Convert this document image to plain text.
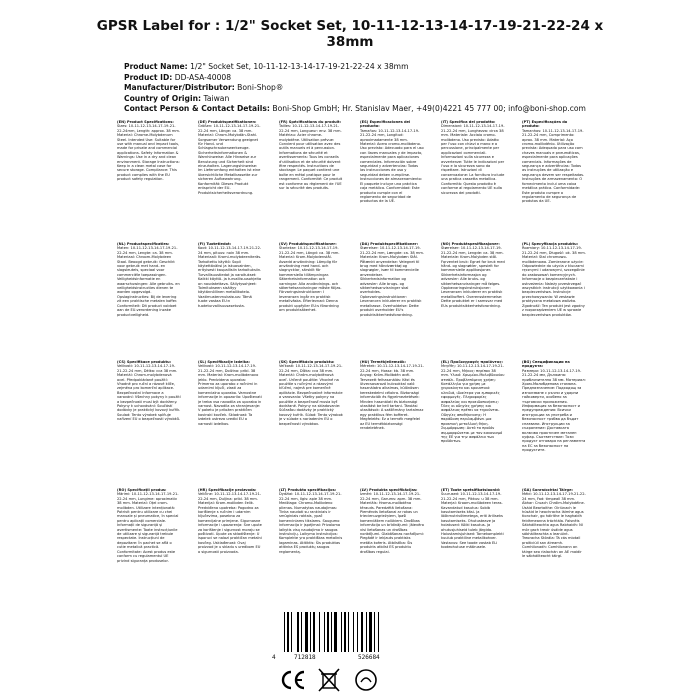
GPSR Label for : 1/2" Socket Set, 10-11-12-13-14-17-19-21-22-24 x
38mm
Product Name: 1/2" Socket Set, 10-11-12-13-14-17-19-21-22-24 x 38mm
Product ID: DD-ASA-40008
Manufacturer/Distributor: Boni-Shop®
Country of Origin: Taiwan
Contact Person & Contact Details: Boni-Shop GmbH; Hr. Stanislav Maer, +49(0)4221 45 777 00; info@boni-shop.com
(EN) Product Specifications:
Sizes: 10-11-12-13-14-17-19-21-22-24mm, Length: approx. 38 mm. Material: Chrome-Molybdenum Steel. Intended Use: Suitable for use with manual and impact tools, made for private and commercial applications. Safety Information & Warnings: Use in a dry and clean environment. Storage Instructions: Keep in a clean metal case for secure storage. Compliance: This product complies with the EU product safety regulation.
(DE) Produktspezifikationen:
Größen: 10-11-12-13-14-17-19-21-22-24 mm, Länge: ca. 38 mm. Material: Chrom-Molybdän-Stahl. Sorgsamer Verwendung geeignet für Hand- und Schlagschraubenwerkzeuge. Sicherheitsinformationen & Warnhinweise: Alle Hinweise zur Benutzung und Sicherheit sind einzuhalten. Lagerungshinweise: Im Lieferumfang enthalten ist eine übersichtliche Metallkassette zur sicheren Aufbewahrung. Konformität: Dieses Produkt entspricht der EU-Produktsicherheitsverordnung.
(FR) Spécifications du produit:
Tailles: 10-11-12-13-14-17-19-21-22-24 mm, Longueur: env. 38 mm. Matériau: Acier chrome-molybdène. Utilisation prévue: Convient pour utilisation avec des outils manuels et à percussion. Informations de sécurité et avertissements: Tous les conseils d'utilisation et de sécurité doivent être respectés. Instructions de stockage: Le paquet contient une boîte en métal pratique pour le rangement. Conformité: Ce produit est conforme au règlement de l'UE sur la sécurité des produits.
(ES) Especificaciones del producto:
Tamaños: 10-11-12-13-14-17-19-21-22-24 mm, Longitud: aproximadamente 38 mm. Material: Acero cromo-molibdeno. Uso previsto: Adecuado para el uso con llaves manuales y de impacto, especialmente para aplicaciones comerciales. Información sobre seguridad y advertencias: Todas las instrucciones de uso y seguridad deben cumplirse. Instrucciones de almacenamiento: El paquete incluye una práctica caja metálica. Conformidad: Este producto cumple con el reglamento de seguridad de productos de la UE.
(IT) Specifica del prodotto:
Dimensioni: 10-11-12-13-14-17-19-21-22-24 mm, Lunghezza: circa 38 mm. Materiale: Acciaio cromo-molibdeno. Uso previsto: Adatto per l'uso con chiavi a mano e a percussione, principalmente per applicazioni commerciali. Informazioni sulla sicurezza e avvertenze: Tutte le indicazioni per l'uso e la sicurezza sono da rispettare. Istruzioni di conservazione: La fornitura include una pratica cassetta metallica. Conformità: Questo prodotto è conforme al regolamento UE sulla sicurezza dei prodotti.
(PT) Especificações do produto:
Tamanhos: 10-11-12-13-14-17-19-21-22-24 mm, Comprimento: aprox. 38 mm. Material: Aço cromo-molibdénio. Utilização prevista: Adequado para uso com chaves manuais e pneumáticas, especialmente para aplicações comerciais. Informações de segurança e advertências: Todas as instruções de utilização e segurança devem ser respeitadas. Instruções de armazenamento: O fornecimento inclui uma caixa metálica prática. Conformidade: Este produto cumpre o regulamento de segurança de produtos da UE.
(NL) Productspecificaties:
Maten: 10-11-12-13-14-17-19-21-22-24 mm, Lengte: ca. 38 mm. Materiaal: Chroom-Molybdeen Staal. Beoogd gebruik: Geschikt voor gebruik met hand- en slagsleutels, speciaal voor commerciële toepassingen. Veiligheidsinformatie en waarschuwingen: Alle gebruiks- en veiligheidsinstructies dienen te worden opgevolgd. Opslaginstructies: Bij de levering zit een praktische metalen koffer. Conformiteit: Dit product voldoet aan de EU-verordening inzake productveiligheid.
(FI) Tuotetiedot:
Koot: 10-11-12-13-14-17-19-21-22-24 mm, pituus: noin 38 mm. Materiaali: Kromi-molybdeeniteräs. Tarkoitettu käyttö: Sopii käytettäväksi ja iskuavainten, erityisesti kaupallisiin tarkoituksiin. Turvallisuustiedot ja varoitukset: Kaikki käyttö- ja turvallisuusohjeita on noudatettava. Säilytysohjeet: Toimitukseen sisältyy käytännöllinen metallikotelo. Vaatimustenmukaisuus: Tämä tuote vastaa EU:n tuoteturvallisuusasetusta.
(SV) Produktspecifikationer:
Storlekar: 10-11-12-13-14-17-19-21-22-24 mm, Längd: ca. 38 mm. Material: Krom-Molybdenstål. Avsedd användning: Lämplig för användning med hand- och slagnycklar, särskilt för kommersiella tillämpningar. Säkerhetsinformation och varningar: Alla användnings- och säkerhetsanvisningar måste följas. Förvaringsinstruktioner: I leveransen ingår en praktisk metallväska. Efterlevnad: Denna produkt uppfyller EU:s förordning om produktsäkerhet.
(DA) Produktspecifikationer:
Størrelser: 10-11-12-13-14-17-19-21-22-24 mm, Længde: ca. 38 mm. Materiale: Krom-Molybdæn Stål. Påtænkt anvendelse: Velegnet til brug med håndværktøj og slagnøgler, især til kommercielle anvendelser. Sikkerhedsinformation og advarsler: Alle brugs- og sikkerhedsanvisninger skal overholdes. Opbevaringsinstruktioner: Leverancen inkluderer en praktisk metalkasse. Overholdelse: Dette produkt overholder EU's produktsikkerhedsforordning.
(NO) Produktspesifikasjoner:
Størrelser: 10-11-12-13-14-17-19-21-22-24 mm, Lengde: ca. 38 mm. Materiale: Krom-Molybden stål. Forventet bruk: Egnet for bruk med hånd- og slagnøkler, spesielt for kommersielle applikasjoner. Sikkerhetsinformasjon og advarsler: Alle bruks- og sikkerhetsanvisninger må følges. Oppbevaringsinstruksjoner: Leveransen inkluderer en praktisk metallkoffert. Overensstemmelse: Dette produktet er i samsvar med EUs produktsikkerhetsforordning.
(PL) Specyfikacja produktu:
Rozmiary: 10-11-12-13-14-17-19-21-22-24 mm, Długość: ok. 38 mm. Materiał: Stal chromowo-molibdenowa. Zamierzone użycie: Odpowiednie do użycia z kluczami ręcznymi i udarowymi, szczególnie do zastosowań komercyjnych. Informacje o bezpieczeństwie i ostrzeżenia: Należy przestrzegać wszystkich instrukcji użytkowania i bezpieczeństwa. Instrukcje przechowywania: W zestawie praktyczna metalowa walizka. Zgodność: Ten produkt jest zgodny z rozporządzeniem UE w sprawie bezpieczeństwa produktów.
(CS) Specifikace produktu:
Velikosti: 10-11-12-13-14-17-19-21-22-24 mm, Délka: cca 38 mm. Materiál: Chrom-molybdenová ocel. Předpokládané použití: Vhodné pro ruční a rázové klíče, zejména pro komerční aplikace. Bezpečnostní informace a varování: Všechny pokyny k použití a bezpečnosti musí být dodrženy. Pokyny k uchovávání: Součástí dodávky je praktický kovový kufřík. Soulad: Tento výrobek splňuje nařízení EU o bezpečnosti výrobků.
(SL) Specifikacije izdelka:
Velikosti: 10-11-12-13-14-17-19-21-22-24 mm, Dolžina: pribl. 38 mm. Material: Krom-molibdenovo jeklo. Predvidena uporaba: Primerno za uporabo z ročnimi in udarnimi ključi, zlasti za komercialno uporabo. Varnostne informacije in opozorila: Upoštevati je treba vsa navodila za uporabo in varnost. Navodila za shranjevanje: V paketu je priložen praktičen kovinski kovček. Skladnost: Ta izdelek ustreza uredbi EU o varnosti izdelkov.
(SK) Špecifikácia produktu:
Veľkosti: 10-11-12-13-14-17-19-21-22-24 mm, Dĺžka: cca 38 mm. Materiál: Chróm-molybdénová oceľ. Určené použitie: Vhodné na použitie s ručnými a rázovými kľúčmi, najmä pre komerčné aplikácie. Bezpečnostné informácie a varovania: Všetky pokyny na použitie a bezpečnosť musia byť dodržané. Pokyny na skladovanie: Súčasťou dodávky je praktický kovový kufrík. Súlad: Tento výrobok je v súlade s nariadením EÚ o bezpečnosti výrobkov.
(HU) Termékjellemzők:
Méretek: 10-11-12-13-14-17-19-21-22-24 mm, Hossz: kb. 38 mm. Anyag: Króm-Molibdén acél. Tervezett felhasználás: Kézi és ütvecsavarozó kulcsokkal való használatra alkalmas, különösen kereskedelmi célokra. Biztonsági információk és figyelmeztetések: Minden használati és biztonsági utasítást be kell tartani. Tárolási utasítások: A szállítmány tartalmaz egy praktikus fém kofferet. Megfelelés: Ez a termék megfelel az EU termékbiztonsági rendeletének.
(EL) Προδιαγραφές προϊόντος:
Μεγέθη: 10-11-12-13-14-17-19-21-22-24 mm, Μήκος: περίπου 38 mm. Υλικό: Χρωμίου-Μολυβδαινίου ατσάλι. Προβλεπόμενη χρήση: Κατάλληλο για χρήση με χειροκίνητα και κρουστικά κλειδιά, ιδιαίτερα για εμπορικές εφαρμογές. Πληροφορίες ασφαλείας και προειδοποιήσεις: Όλες οι οδηγίες χρήσης και ασφάλειας πρέπει να τηρούνται. Οδηγίες αποθήκευσης: Η παράδοση περιλαμβάνει μια πρακτική μεταλλική θήκη. Συμμόρφωση: Αυτό το προϊόν συμμορφώνεται με τον κανονισμό της ΕΕ για την ασφάλεια των προϊόντων.
(BG) Спецификации на продукта:
Размери: 10-11-12-13-14-17-19-21-22-24 мм, Дължина: приблизително 38 мм. Материал: Хром-Молибденова стомана. Предназначение: Подходящ за използване с ръчни и ударни гайковерти, особено за търговски приложения. Информация за безопасност и предупреждения: Всички инструкции за употреба и безопасност трябва да бъдат спазвани. Инструкции за съхранение: Доставката включва практичен метален куфар. Съответствие: Този продукт отговаря на регламента на ЕС за безопасност на продуктите.
(RO) Specificații produs:
Mărimi: 10-11-12-13-14-17-19-21-22-24 mm, Lungime: aproximativ 38 mm. Material: Oțel crom-molibden. Utilizare intenționată: Potrivit pentru utilizare cu chei manuale și pneumatice, în special pentru aplicații comerciale. Informații de siguranță și avertismente: Toate instrucțiunile de utilizare și siguranță trebuie respectate. Instrucțiuni de depozitare: În pachet se află o cutie metalică practică. Conformitate: Acest produs este conform cu regulamentul UE privind siguranța produselor.
(HR) Specifikacije proizvoda:
Veličine: 10-11-12-13-14-17-19-21-22-24 mm, Duljina: pribl. 38 mm. Materijal: Krom-molibden čelik. Predviđena upotreba: Pogodno za korištenje s ručnim i udarnim ključevima, posebno za komercijalne primjene. Sigurnosne informacije i upozorenja: Sve upute za korištenje i sigurnost moraju se poštivati. Upute za skladištenje: U isporuci se nalazi praktičan metalni kovčeg. Usklađenost: Ovaj proizvod je u skladu s uredbom EU o sigurnosti proizvoda.
(LT) Produkto specifikacijos:
Dydžiai: 10-11-12-13-14-17-19-21-22-24 mm, Ilgis: apie 38 mm. Medžiaga: Chromo-Molibdeno plienas. Numatytas naudojimas: Tinka naudoti su rankiniais ir smūginiais raktais, ypač komerciniams tikslams. Saugumo informacija ir įspėjimai: Privaloma laikytis visų naudojimo ir saugos instrukcijų. Laikymo instrukcijos: Komplekte yra praktiškas metalinis lagaminas. Atitiktis: Šis produktas atitinka ES produktų saugos reglamentą.
(LV) Produkta specifikācijas:
Izmēri: 10-11-12-13-14-17-19-21-22-24 mm, Garums: apm. 38 mm. Materiāls: Hroma-molibdēna tērauds. Paredzētā lietošana: Piemērots lietošanai ar rokas un triecienuzgriežņiem, īpaši komerciāliem nolūkiem. Drošības informācija un brīdinājumi: Jāievēro visi lietošanas un drošības norādījumi. Glabāšanas norādījumi: Piegādē ir iekļauts praktisks metāla koferis. Atbilstība: Šis produkts atbilst ES produktu drošības regulai.
(ET) Toote spetsifikatsioonid:
Suurused: 10-11-12-13-14-17-19-21-22-24 mm, Pikkus: u 38 mm. Materjal: Kroom-molübdeen teras. Kavandatud kasutus: Sobib kasutamiseks käsi- ja löökmutrivõtmetega, eriti äriliseks kasutamiseks. Ohutusteave ja hoiatused: Kõiki kasutus- ja ohutusjuhiseid tuleb järgida. Hoiustamisjuhised: Tarnekomplekti kuulub praktiline metallkohver. Vastavus: See toode vastab ELi tooteohutuse määrusele.
(GA) Sonraíochtaí Táirge:
Méid: 10-11-12-13-14-17-19-21-22-24 mm, Fad: timpeall 38 mm. Ábhar: Cruach Chróim-Molybdéine. Úsáid Beartaithe: Oiriúnach le húsáid le heochracha láimhe agus tionchair, go háirithe le haghaidh feidhmeanna tráchtála. Faisnéis Sábháilteachta agus Rabhaidh: Ní mór gach treoir úsáide agus sábháilteachta a leanúint. Treoracha Stórála: Tá cás miotail praiticiúil san áireamh. Comhlíonadh: Comhlíonann an táirge seo rialachán an AE maidir le sábháilteacht táirgí.
4	712818	526684
